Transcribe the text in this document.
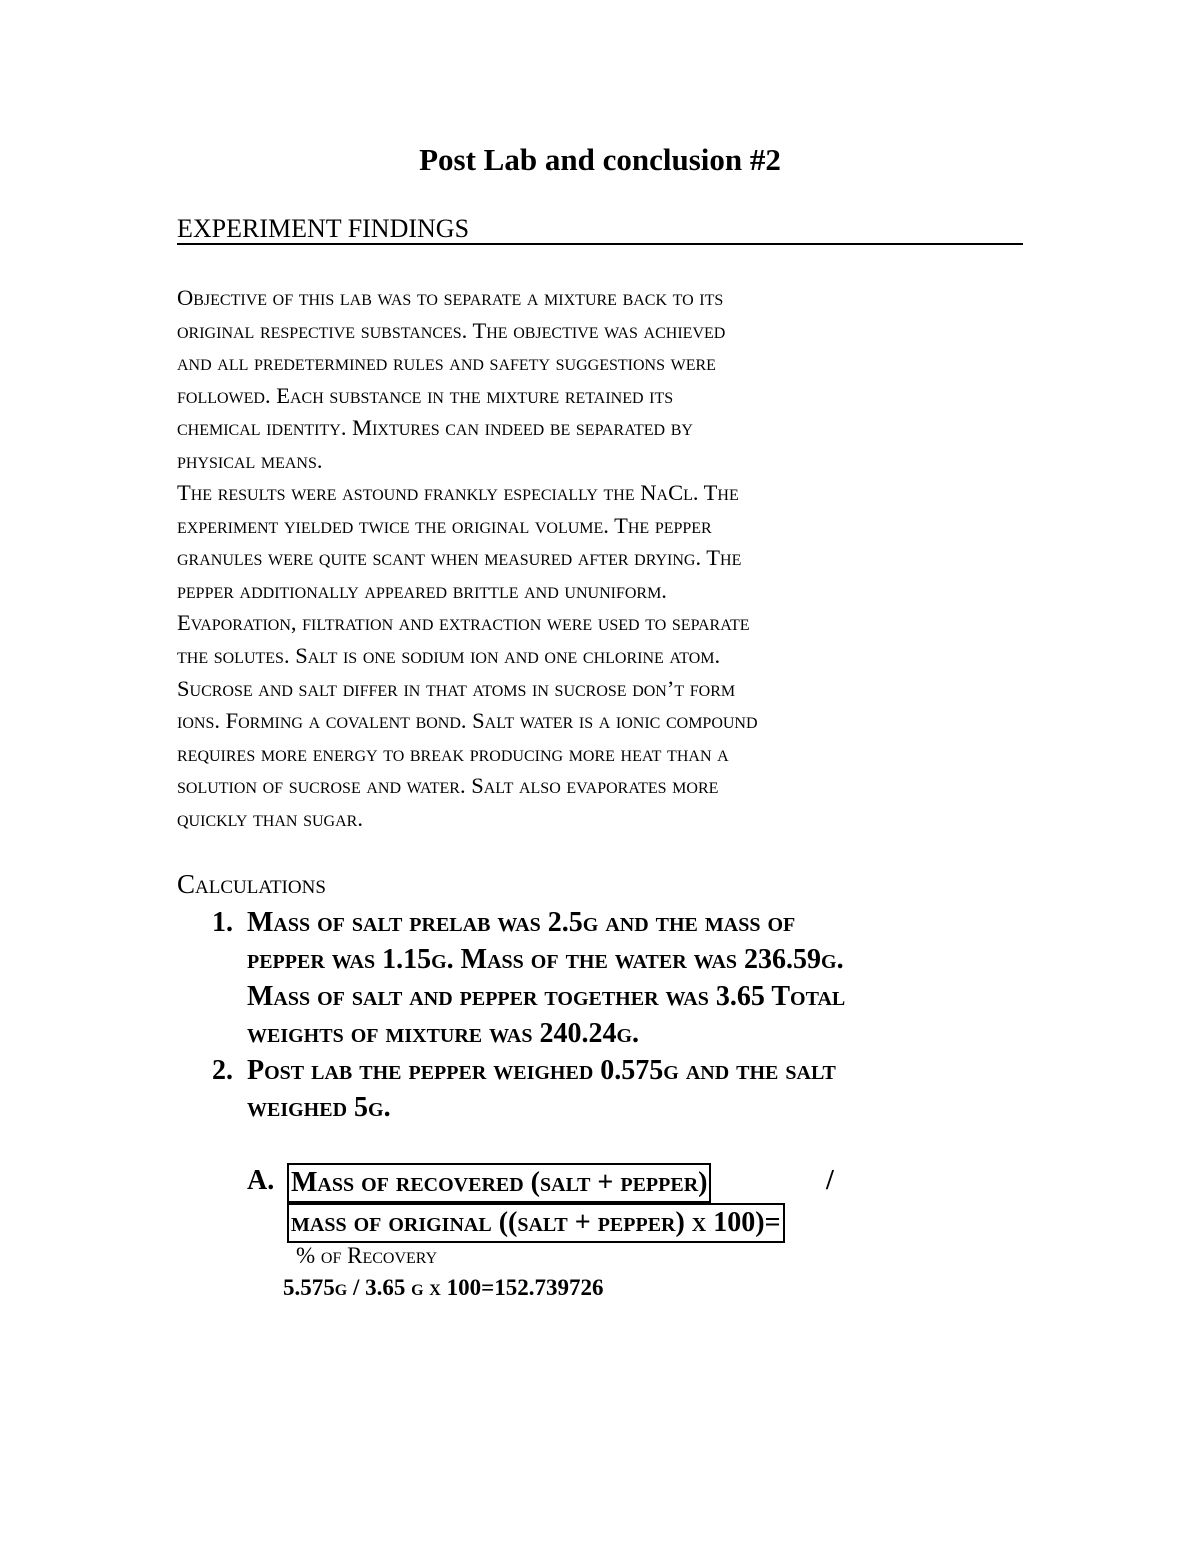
Post Lab and conclusion #2
EXPERIMENT FINDINGS
Objective of this lab was to separate a mixture back to its
original respective substances. The objective was achieved
and all predetermined rules and safety suggestions were
followed. Each substance in the mixture retained its
chemical identity. Mixtures can indeed be separated by
physical means.
The results were astound frankly especially the NaCl. The
experiment yielded twice the original volume. The pepper
granules were quite scant when measured after drying. The
pepper additionally appeared brittle and ununiform.
Evaporation, filtration and extraction were used to separate
the solutes. Salt is one sodium ion and one chlorine atom.
Sucrose and salt differ in that atoms in sucrose don’t form
ions. Forming a covalent bond. Salt water is a ionic compound
requires more energy to break producing more heat than a
solution of sucrose and water. Salt also evaporates more
quickly than sugar.
Calculations
1. Mass of salt prelab was 2.5g and the mass of
pepper was 1.15g. Mass of the water was 236.59g.
Mass of salt and pepper together was 3.65 Total
weights of mixture was 240.24g.
2. Post lab the pepper weighed 0.575g and the salt
weighed 5g.
A. Mass of recovered (salt + pepper)	/
mass of original ((salt + pepper) x 100)=
% of Recovery
5.575g / 3.65 g x 100=152.739726
